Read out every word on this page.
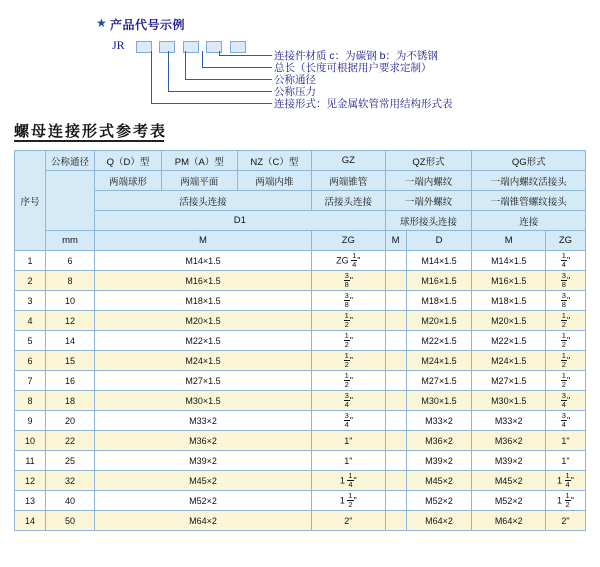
★ 产品代号示例
JR

连接件材质 c：为碳钢 b：为不锈钢
总长（长度可根据用户要求定制）
公称通径
公称压力
连接形式：见金属软管常用结构形式表
螺母连接形式参考表
序号	公称通径	Q（D）型	PM（A）型	NZ（C）型	GZ	QZ形式		QG形式	
		两端球形	两端平面	两端内堆	两端锥管	一端内螺纹		一端内螺纹活接头	
		活接头连接			活接头连接	一端外螺纹		一端锥管螺纹接头	
		D1				球形接头连接		连接	
	mm	M			ZG	M	D	M	ZG
1	6	M14×1.5			ZG $\frac{1}{4}$ "		M14×1.5	M14×1.5	$\frac{1}{4}$ "
2	8	M16×1.5			$\frac{3}{8}$ "		M16×1.5	M16×1.5	$\frac{3}{8}$ "
3	10	M18×1.5			$\frac{3}{8}$ "		M18×1.5	M18×1.5	$\frac{3}{8}$ "
4	12	M20×1.5			$\frac{1}{2}$ "		M20×1.5	M20×1.5	$\frac{1}{2}$ "
5	14	M22×1.5			$\frac{1}{2}$ "		M22×1.5	M22×1.5	$\frac{1}{2}$ "
6	15	M24×1.5			$\frac{1}{2}$ "		M24×1.5	M24×1.5	$\frac{1}{2}$ "
7	16	M27×1.5			$\frac{1}{2}$ "		M27×1.5	M27×1.5	$\frac{1}{2}$ "
8	18	M30×1.5			$\frac{3}{4}$ "		M30×1.5	M30×1.5	$\frac{3}{4}$ "
9	20	M33×2			$\frac{3}{4}$ "		M33×2	M33×2	$\frac{3}{4}$ "
10	22	M36×2			1"		M36×2	M36×2	1"
11	25	M39×2			1"		M39×2	M39×2	1"
12	32	M45×2			$1 \frac{1}{4}$ "		M45×2	M45×2	$1 \frac{1}{4}$ "
13	40	M52×2			$1 \frac{1}{2}$ "		M52×2	M52×2	$1 \frac{1}{2}$ "
14	50	M64×2			2"		M64×2	M64×2	2"
